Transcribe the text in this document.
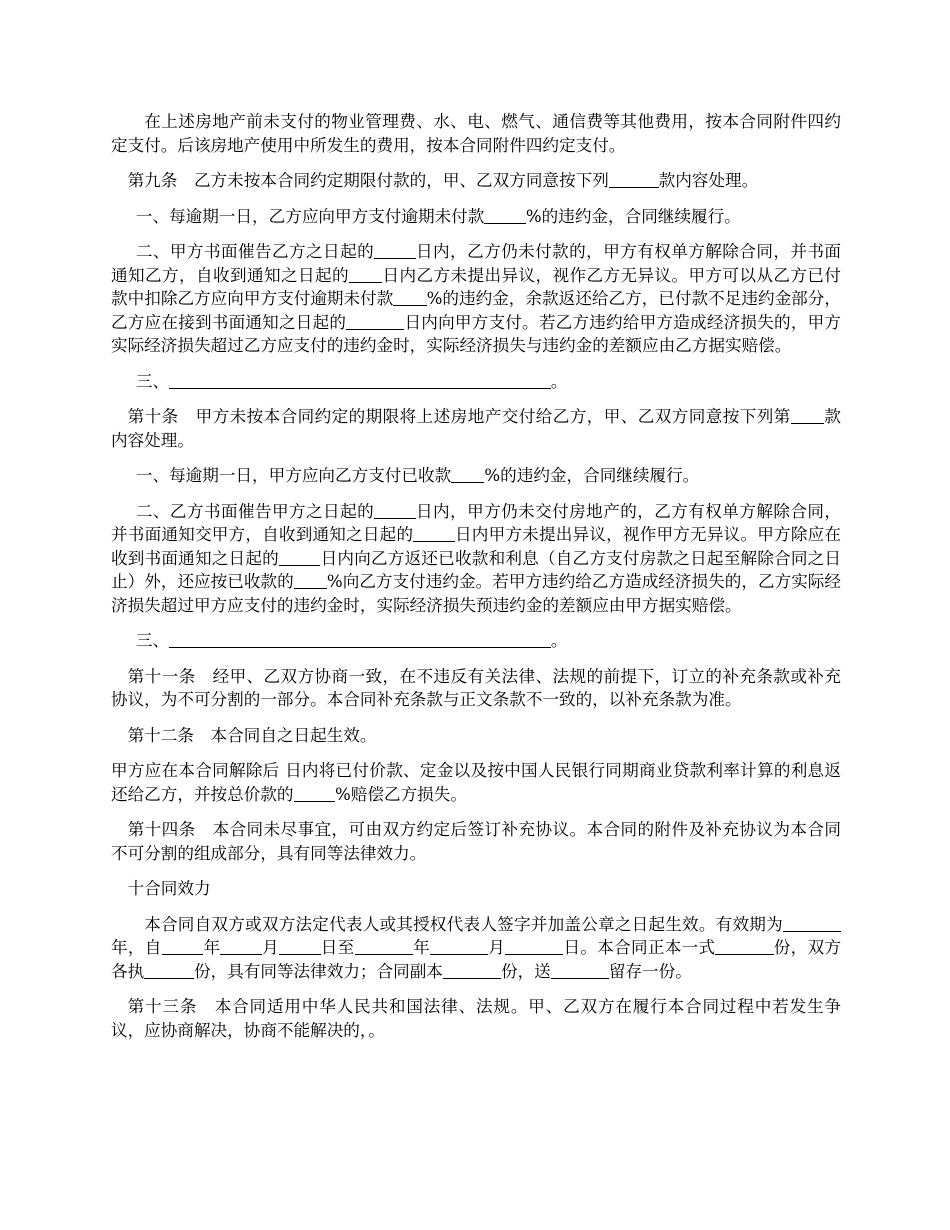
在上述房地产前未支付的物业管理费、水、电、燃气、通信费等其他费用，按本合同附件四约定支付。后该房地产使用中所发生的费用，按本合同附件四约定支付。

第九条　乙方未按本合同约定期限付款的，甲、乙双方同意按下列	款内容处理。

一、每逾期一日，乙方应向甲方支付逾期未付款	%的违约金，合同继续履行。

二、甲方书面催告乙方之日起的	日内，乙方仍未付款的，甲方有权单方解除合同，并书面通知乙方，自收到通知之日起的 日内乙方未提出异议，视作乙方无异议。甲方可以从乙方已付款中扣除乙方应向甲方支付逾期未付款 %的违约金，余款返还给乙方，已付款不足违约金部分，乙方应在接到书面通知之日起的	日内向甲方支付。若乙方违约给甲方造成经济损失的，甲方实际经济损失超过乙方应支付的违约金时，实际经济损失与违约金的差额应由乙方据实赔偿。

三、	。

第十条　甲方未按本合同约定的期限将上述房地产交付给乙方，甲、乙双方同意按下列第 款内容处理。

一、每逾期一日，甲方应向乙方支付已收款 %的违约金，合同继续履行。

二、乙方书面催告甲方之日起的	日内，甲方仍未交付房地产的，乙方有权单方解除合同，并书面通知交甲方，自收到通知之日起的	日内甲方未提出异议，视作甲方无异议。甲方除应在收到书面通知之日起的	日内向乙方返还已收款和利息（自乙方支付房款之日起至解除合同之日止）外，还应按已收款的 %向乙方支付违约金。若甲方违约给乙方造成经济损失的，乙方实际经济损失超过甲方应支付的违约金时，实际经济损失预违约金的差额应由甲方据实赔偿。

三、	。

第十一条　经甲、乙双方协商一致，在不违反有关法律、法规的前提下，订立的补充条款或补充协议，为不可分割的一部分。本合同补充条款与正文条款不一致的，以补充条款为准。

第十二条　本合同自之日起生效。

甲方应在本合同解除后 日内将已付价款、定金以及按中国人民银行同期商业贷款利率计算的利息返还给乙方，并按总价款的	%赔偿乙方损失。

第十四条　本合同未尽事宜，可由双方约定后签订补充协议。本合同的附件及补充协议为本合同不可分割的组成部分，具有同等法律效力。

十合同效力

本合同自双方或双方法定代表人或其授权代表人签字并加盖公章之日起生效。有效期为年，自	年	月	日至	年	月	日。本合同正本一式	份，双方各执	份，具有同等法律效力；合同副本	份，送	留存一份。

第十三条　本合同适用中华人民共和国法律、法规。甲、乙双方在履行本合同过程中若发生争议，应协商解决，协商不能解决的，。
